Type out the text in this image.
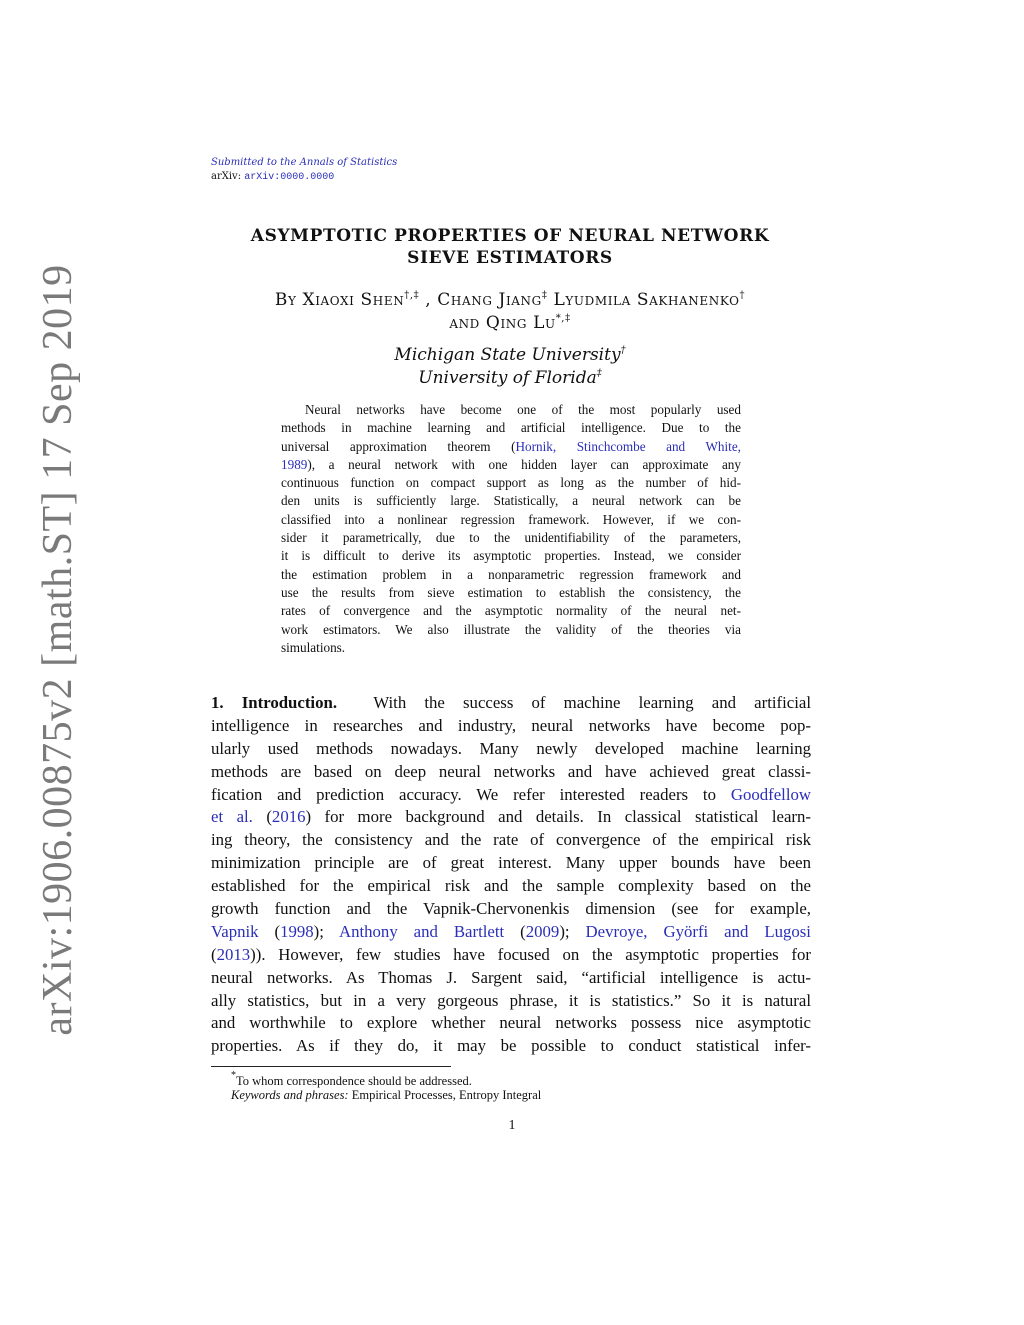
arXiv:1906.00875v2 [math.ST] 17 Sep 2019
Submitted to the Annals of Statistics
arXiv: arXiv:0000.0000
ASYMPTOTIC PROPERTIES OF NEURAL NETWORK
SIEVE ESTIMATORS
By Xiaoxi Shen†,‡ , Chang Jiang‡ Lyudmila Sakhanenko†
and Qing Lu*,‡
Michigan State University†
University of Florida‡
Neural networks have become one of the most popularly used
methods in machine learning and artificial intelligence. Due to the
universal approximation theorem (Hornik, Stinchcombe and White,
1989), a neural network with one hidden layer can approximate any
continuous function on compact support as long as the number of hid-
den units is sufficiently large. Statistically, a neural network can be
classified into a nonlinear regression framework. However, if we con-
sider it parametrically, due to the unidentifiability of the parameters,
it is difficult to derive its asymptotic properties. Instead, we consider
the estimation problem in a nonparametric regression framework and
use the results from sieve estimation to establish the consistency, the
rates of convergence and the asymptotic normality of the neural net-
work estimators. We also illustrate the validity of the theories via
simulations.
1. Introduction. With the success of machine learning and artificial
intelligence in researches and industry, neural networks have become pop-
ularly used methods nowadays. Many newly developed machine learning
methods are based on deep neural networks and have achieved great classi-
fication and prediction accuracy. We refer interested readers to Goodfellow
et al. (2016) for more background and details. In classical statistical learn-
ing theory, the consistency and the rate of convergence of the empirical risk
minimization principle are of great interest. Many upper bounds have been
established for the empirical risk and the sample complexity based on the
growth function and the Vapnik-Chervonenkis dimension (see for example,
Vapnik (1998); Anthony and Bartlett (2009); Devroye, Györfi and Lugosi
(2013)). However, few studies have focused on the asymptotic properties for
neural networks. As Thomas J. Sargent said, “artificial intelligence is actu-
ally statistics, but in a very gorgeous phrase, it is statistics.” So it is natural
and worthwhile to explore whether neural networks possess nice asymptotic
properties. As if they do, it may be possible to conduct statistical infer-
*To whom correspondence should be addressed.
Keywords and phrases: Empirical Processes, Entropy Integral
1
